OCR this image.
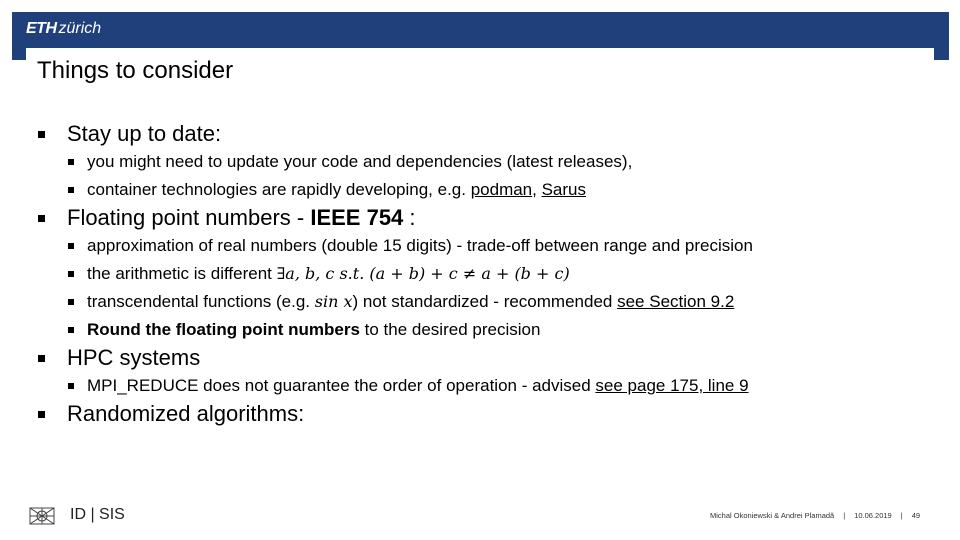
ETH zürich
Things to consider
Stay up to date:
you might need to update your code and dependencies (latest releases),
container technologies are rapidly developing, e.g. podman, Sarus
Floating point numbers - IEEE 754 :
approximation of real numbers (double 15 digits) - trade-off between range and precision
the arithmetic is different ∃a, b, c s.t. (a + b) + c ≠ a + (b + c)
transcendental functions (e.g. sin x) not standardized - recommended see Section 9.2
Round the floating point numbers to the desired precision
HPC systems
MPI_REDUCE does not guarantee the order of operation - advised see page 175, line 9
Randomized algorithms:
ID | SIS	Michal Okoniewski & Andrei Plamadă | 10.06.2019 | 49
